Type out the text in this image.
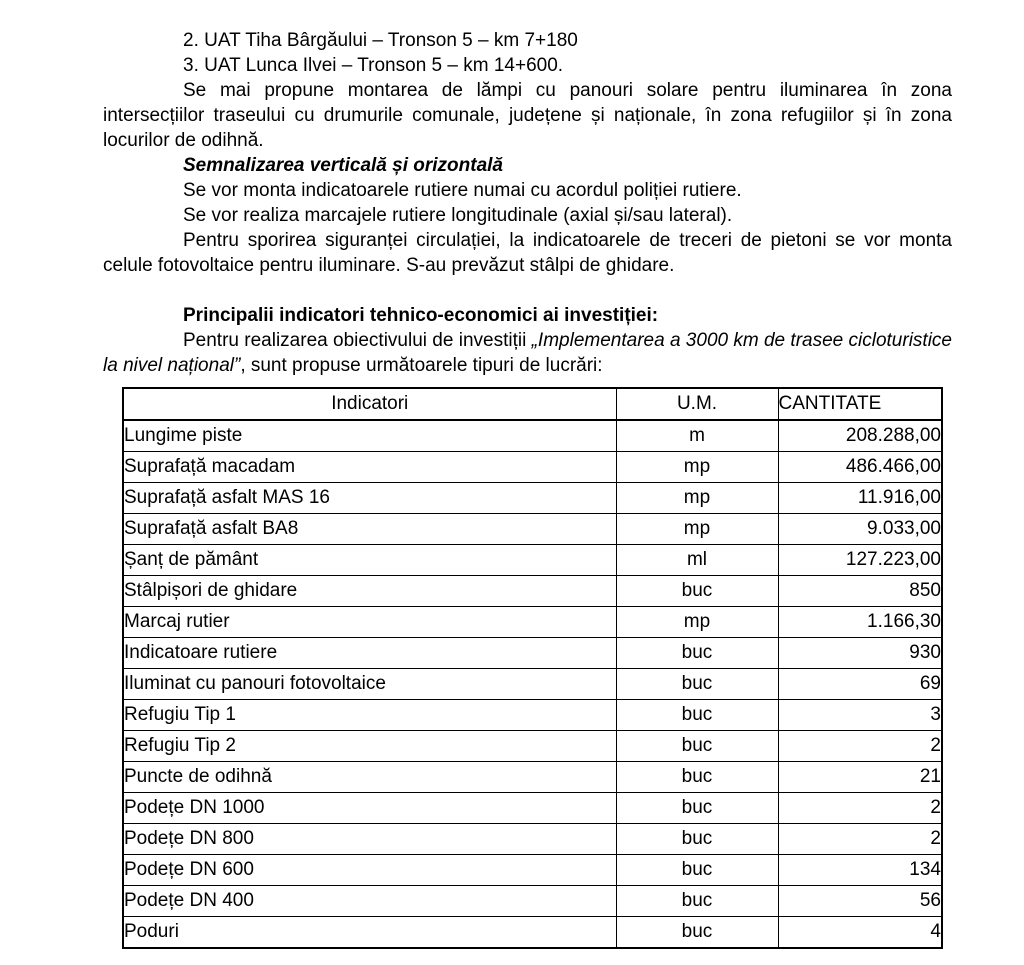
2. UAT Tiha Bârgăului – Tronson 5 – km 7+180

3. UAT Lunca Ilvei – Tronson 5 – km 14+600.

Se mai propune montarea de lămpi cu panouri solare pentru iluminarea în zona intersecțiilor traseului cu drumurile comunale, județene și naționale, în zona refugiilor și în zona locurilor de odihnă.

Semnalizarea verticală și orizontală

Se vor monta indicatoarele rutiere numai cu acordul poliției rutiere.

Se vor realiza marcajele rutiere longitudinale (axial și/sau lateral).

Pentru sporirea siguranței circulației, la indicatoarele de treceri de pietoni se vor monta celule fotovoltaice pentru iluminare. S-au prevăzut stâlpi de ghidare.

Principalii indicatori tehnico-economici ai investiției:

Pentru realizarea obiectivului de investiții „Implementarea a 3000 km de trasee cicloturistice la nivel național”, sunt propuse următoarele tipuri de lucrări:

Indicatori	U.M.	CANTITATE
Lungime piste	m	208.288,00
Suprafață macadam	mp	486.466,00
Suprafață asfalt MAS 16	mp	11.916,00
Suprafață asfalt BA8	mp	9.033,00
Șanț de pământ	ml	127.223,00
Stâlpișori de ghidare	buc	850
Marcaj rutier	mp	1.166,30
Indicatoare rutiere	buc	930
Iluminat cu panouri fotovoltaice	buc	69
Refugiu Tip 1	buc	3
Refugiu Tip 2	buc	2
Puncte de odihnă	buc	21
Podețe DN 1000	buc	2
Podețe DN 800	buc	2
Podețe DN 600	buc	134
Podețe DN 400	buc	56
Poduri	buc	4
